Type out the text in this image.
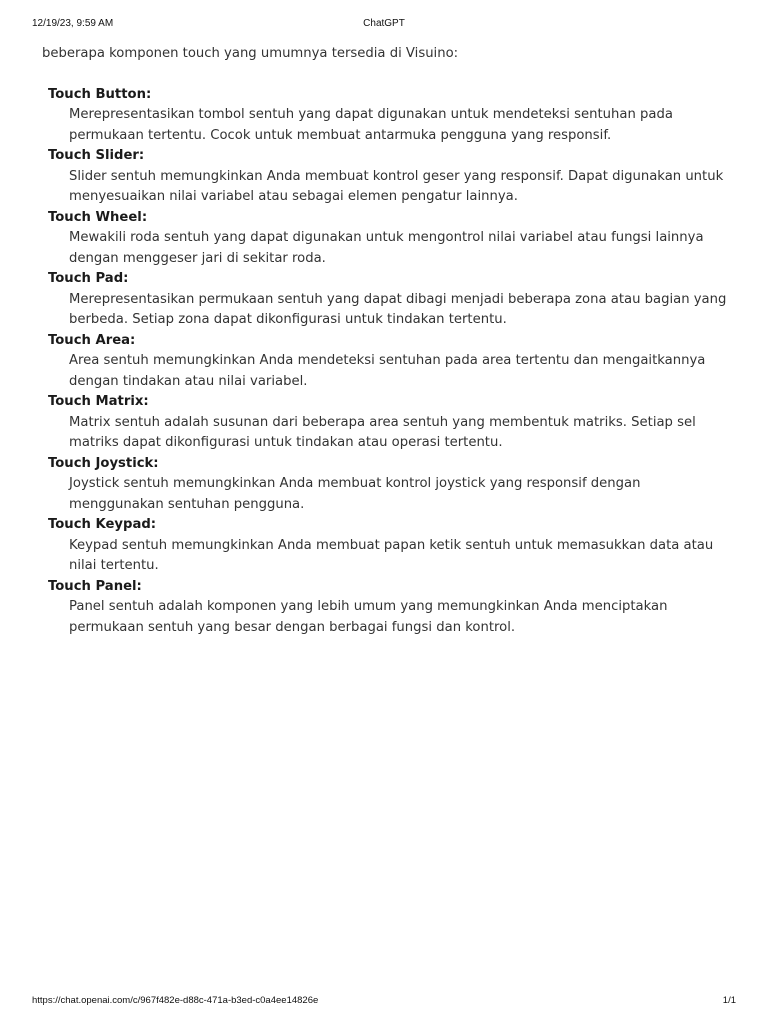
12/19/23, 9:59 AM	ChatGPT

beberapa komponen touch yang umumnya tersedia di Visuino:

Touch Button:

Merepresentasikan tombol sentuh yang dapat digunakan untuk mendeteksi sentuhan pada permukaan tertentu. Cocok untuk membuat antarmuka pengguna yang responsif.

Touch Slider:

Slider sentuh memungkinkan Anda membuat kontrol geser yang responsif. Dapat digunakan untuk menyesuaikan nilai variabel atau sebagai elemen pengatur lainnya.

Touch Wheel:

Mewakili roda sentuh yang dapat digunakan untuk mengontrol nilai variabel atau fungsi lainnya dengan menggeser jari di sekitar roda.

Touch Pad:

Merepresentasikan permukaan sentuh yang dapat dibagi menjadi beberapa zona atau bagian yang berbeda. Setiap zona dapat dikonfigurasi untuk tindakan tertentu.

Touch Area:

Area sentuh memungkinkan Anda mendeteksi sentuhan pada area tertentu dan mengaitkannya dengan tindakan atau nilai variabel.

Touch Matrix:

Matrix sentuh adalah susunan dari beberapa area sentuh yang membentuk matriks. Setiap sel matriks dapat dikonfigurasi untuk tindakan atau operasi tertentu.

Touch Joystick:

Joystick sentuh memungkinkan Anda membuat kontrol joystick yang responsif dengan menggunakan sentuhan pengguna.

Touch Keypad:

Keypad sentuh memungkinkan Anda membuat papan ketik sentuh untuk memasukkan data atau nilai tertentu.

Touch Panel:

Panel sentuh adalah komponen yang lebih umum yang memungkinkan Anda menciptakan permukaan sentuh yang besar dengan berbagai fungsi dan kontrol.

https://chat.openai.com/c/967f482e-d88c-471a-b3ed-c0a4ee14826e	1/1
